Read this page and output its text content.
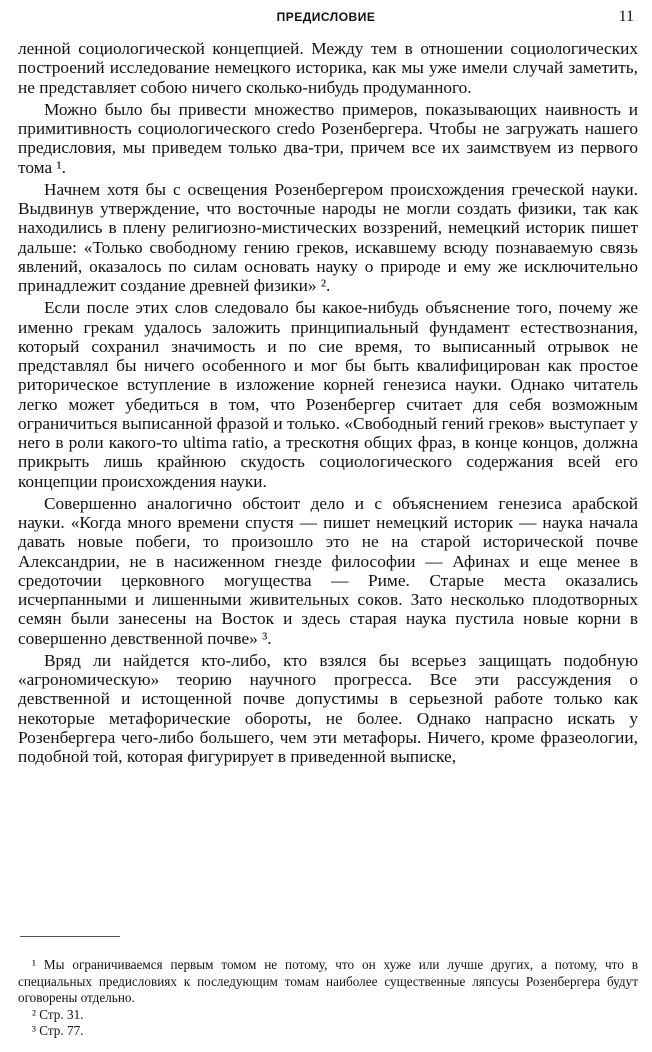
ПРЕДИСЛОВИЕ	11

ленной социологической концепцией. Между тем в отношении социологических построений исследование немецкого историка, как мы уже имели случай заметить, не представляет собою ничего сколько-нибудь продуманного.

Можно было бы привести множество примеров, показывающих наивность и примитивность социологического credo Розенбергера. Чтобы не загружать нашего предисловия, мы приведем только два-три, причем все их заимствуем из первого тома ¹.

Начнем хотя бы с освещения Розенбергером происхождения греческой науки. Выдвинув утверждение, что восточные народы не могли создать физики, так как находились в плену религиозно-мистических воззрений, немецкий историк пишет дальше: «Только свободному гению греков, искавшему всюду познаваемую связь явлений, оказалось по силам основать науку о природе и ему же исключительно принадлежит создание древней физики» ².

Если после этих слов следовало бы какое-нибудь объяснение того, почему же именно грекам удалось заложить принципиальный фундамент естествознания, который сохранил значимость и по сие время, то выписанный отрывок не представлял бы ничего особенного и мог бы быть квалифицирован как простое риторическое вступление в изложение корней генезиса науки. Однако читатель легко может убедиться в том, что Розенбергер считает для себя возможным ограничиться выписанной фразой и только. «Свободный гений греков» выступает у него в роли какого-то ultima ratio, а трескотня общих фраз, в конце концов, должна прикрыть лишь крайнюю скудость социологического содержания всей его концепции происхождения науки.

Совершенно аналогично обстоит дело и с объяснением генезиса арабской науки. «Когда много времени спустя — пишет немецкий историк — наука начала давать новые побеги, то произошло это не на старой исторической почве Александрии, не в насиженном гнезде философии — Афинах и еще менее в средоточии церковного могущества — Риме. Старые места оказались исчерпанными и лишенными живительных соков. Зато несколько плодотворных семян были занесены на Восток и здесь старая наука пустила новые корни в совершенно девственной почве» ³.

Вряд ли найдется кто-либо, кто взялся бы всерьез защищать подобную «агрономическую» теорию научного прогресса. Все эти рассуждения о девственной и истощенной почве допустимы в серьезной работе только как некоторые метафорические обороты, не более. Однако напрасно искать у Розенбергера чего-либо большего, чем эти метафоры. Ничего, кроме фразеологии, подобной той, которая фигурирует в приведенной выписке,

¹ Мы ограничиваемся первым томом не потому, что он хуже или лучше других, а потому, что в специальных предисловиях к последующим томам наиболее существенные ляпсусы Розенбергера будут оговорены отдельно.

² Стр. 31.

³ Стр. 77.
